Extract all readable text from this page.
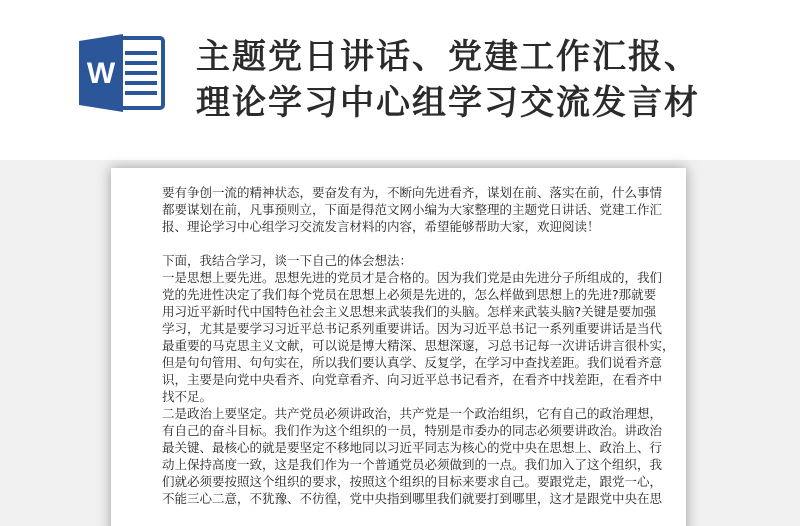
W 主题党日讲话、党建工作汇报、
理论学习中心组学习交流发言材
要有争创一流的精神状态，要奋发有为，不断向先进看齐，谋划在前、落实在前，什么事情
都要谋划在前，凡事预则立，下面是得范文网小编为大家整理的主题党日讲话、党建工作汇
报、理论学习中心组学习交流发言材料的内容，希望能够帮助大家，欢迎阅读！
下面，我结合学习，谈一下自己的体会想法：
一是思想上要先进。思想先进的党员才是合格的。因为我们党是由先进分子所组成的，我们
党的先进性决定了我们每个党员在思想上必须是先进的，怎么样做到思想上的先进?那就要
用习近平新时代中国特色社会主义思想来武装我们的头脑。怎样来武装头脑?关键是要加强
学习，尤其是要学习习近平总书记系列重要讲话。因为习近平总书记一系列重要讲话是当代
最重要的马克思主义文献，可以说是博大精深、思想深邃，习总书记每一次讲话讲言很朴实，
但是句句管用、句句实在，所以我们要认真学、反复学，在学习中查找差距。我们说看齐意
识，主要是向党中央看齐、向党章看齐、向习近平总书记看齐，在看齐中找差距，在看齐中
找不足。
二是政治上要坚定。共产党员必须讲政治，共产党是一个政治组织，它有自己的政治理想，
有自己的奋斗目标。我们作为这个组织的一员，特别是市委办的同志必须要讲政治。讲政治
最关键、最核心的就是要坚定不移地同以习近平同志为核心的党中央在思想上、政治上、行
动上保持高度一致，这是我们作为一个普通党员必须做到的一点。我们加入了这个组织，我
们就必须要按照这个组织的要求，按照这个组织的目标来要求自己。要跟党走，跟党一心，
不能三心二意，不犹豫、不彷徨，党中央指到哪里我们就要打到哪里，这才是跟党中央在思
